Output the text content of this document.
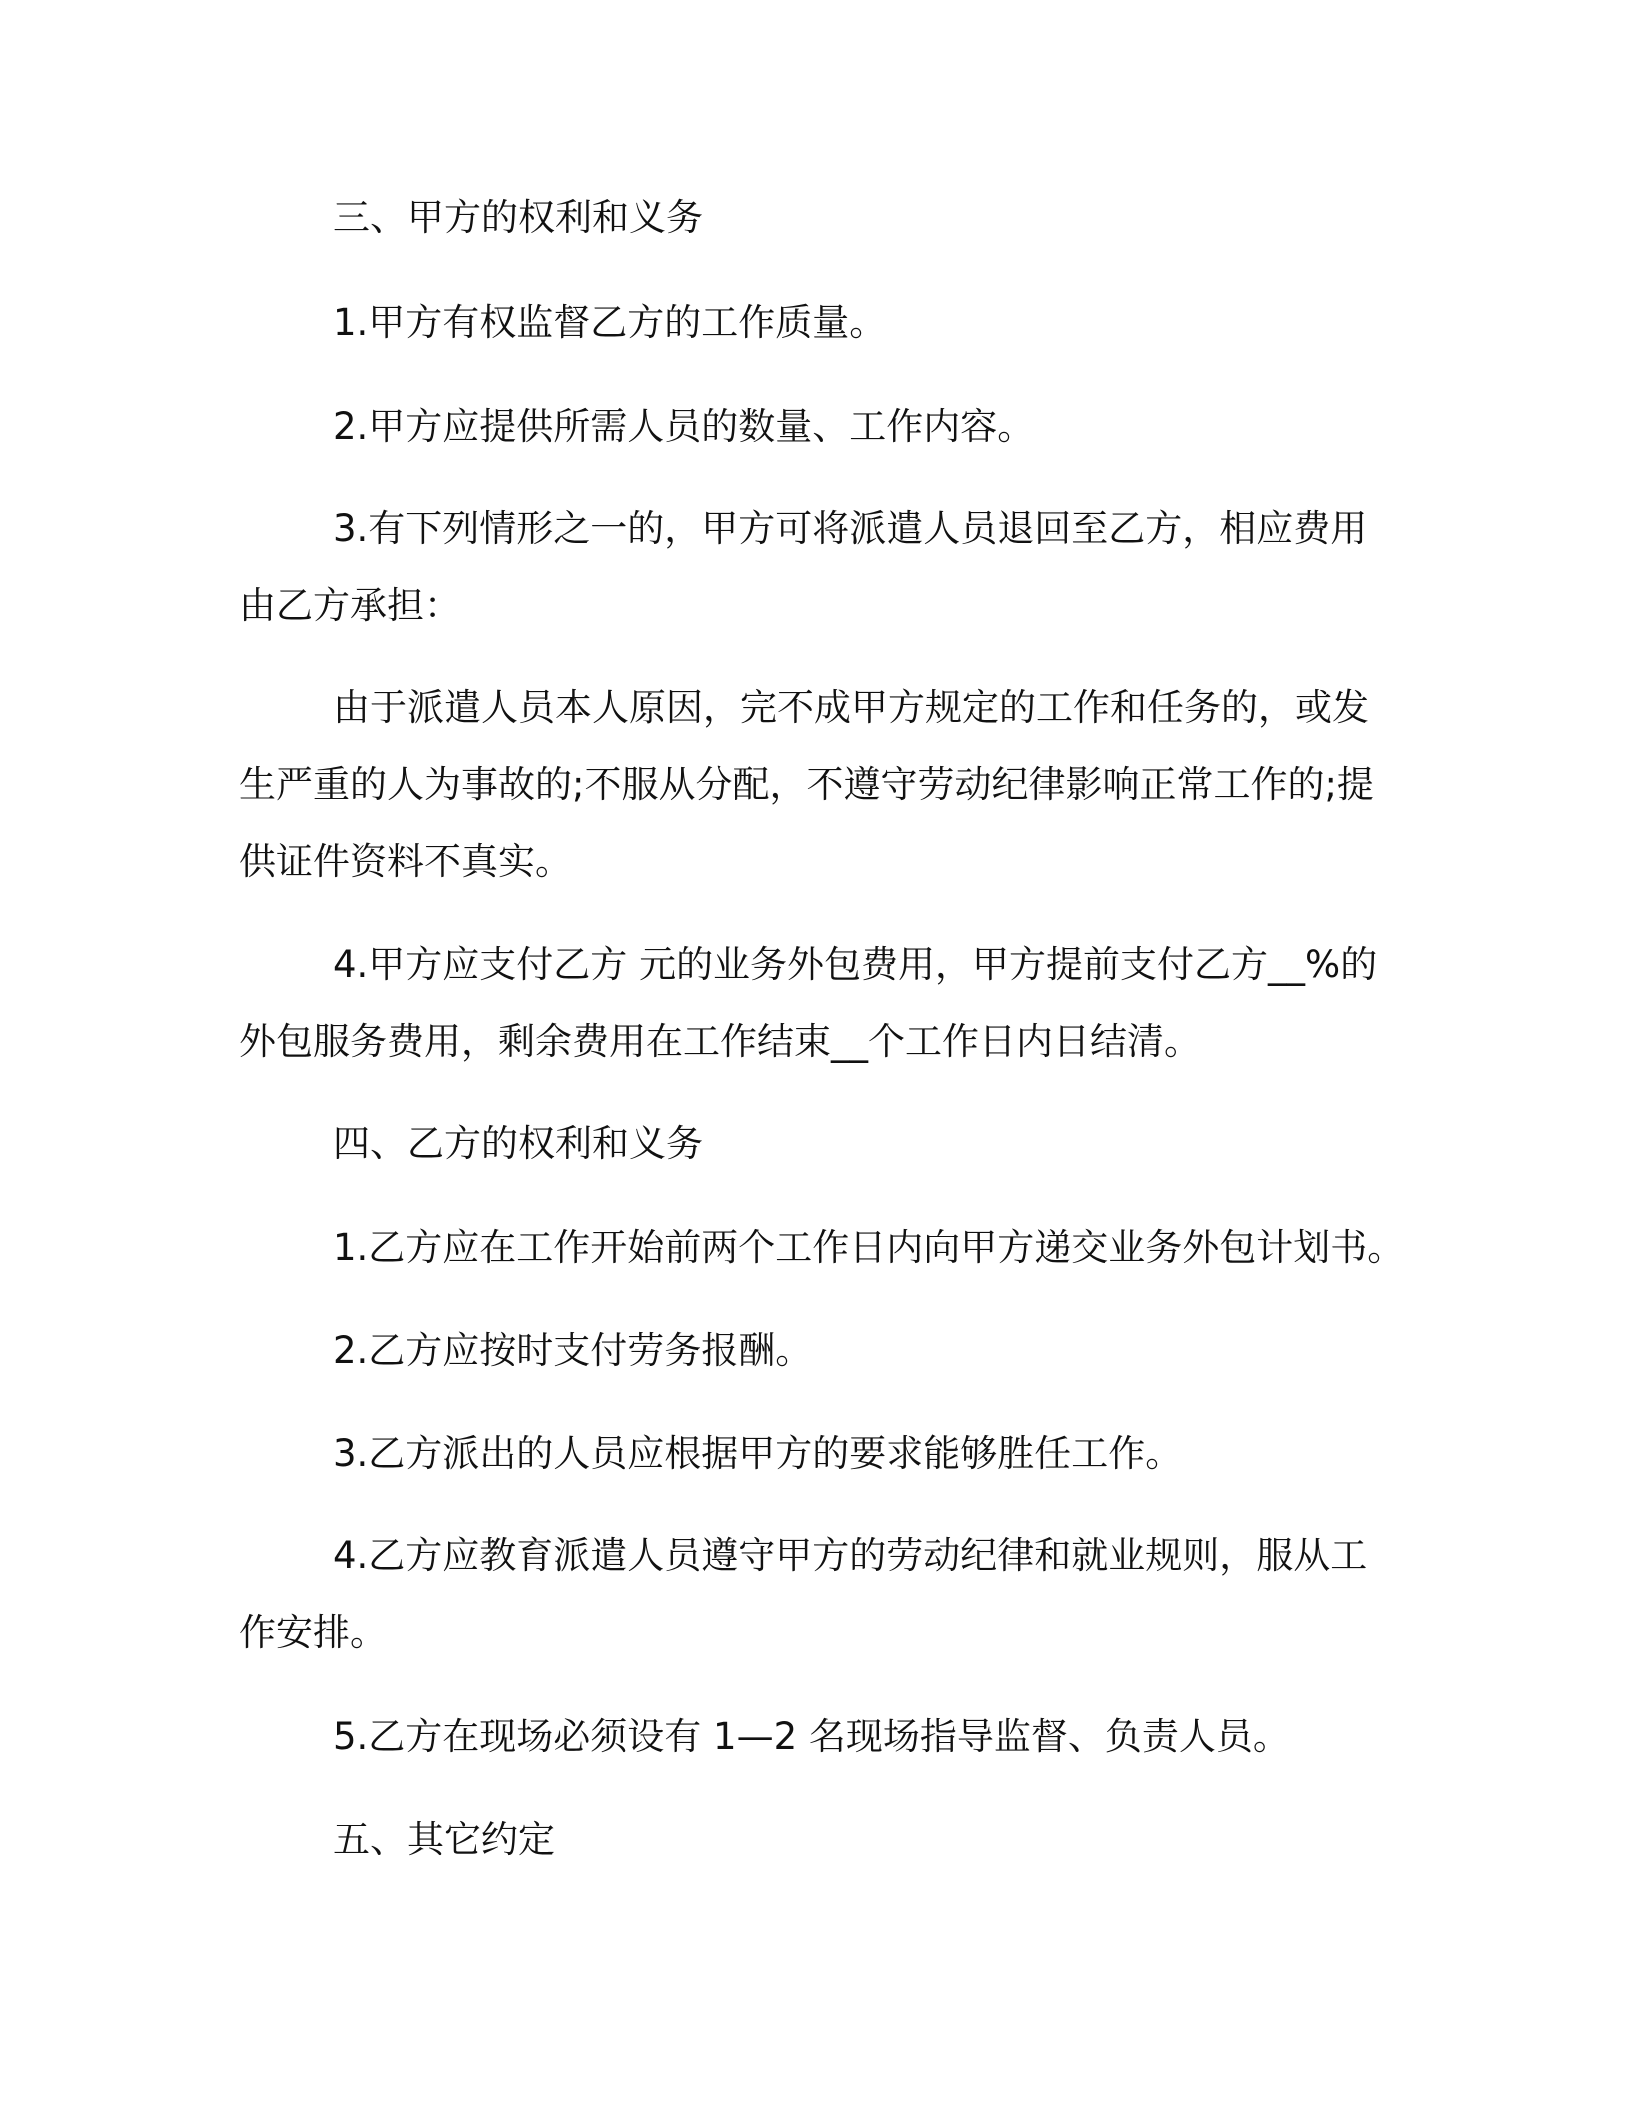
三、甲方的权利和义务

1.甲方有权监督乙方的工作质量。

2.甲方应提供所需人员的数量、工作内容。

3.有下列情形之一的，甲方可将派遣人员退回至乙方，相应费用

由乙方承担：

由于派遣人员本人原因，完不成甲方规定的工作和任务的，或发

生严重的人为事故的;不服从分配，不遵守劳动纪律影响正常工作的;提

供证件资料不真实。

4.甲方应支付乙方 元的业务外包费用，甲方提前支付乙方__%的

外包服务费用，剩余费用在工作结束__个工作日内日结清。

四、乙方的权利和义务

1.乙方应在工作开始前两个工作日内向甲方递交业务外包计划书。

2.乙方应按时支付劳务报酬。

3.乙方派出的人员应根据甲方的要求能够胜任工作。

4.乙方应教育派遣人员遵守甲方的劳动纪律和就业规则，服从工

作安排。

5.乙方在现场必须设有 1—2 名现场指导监督、负责人员。

五、其它约定
